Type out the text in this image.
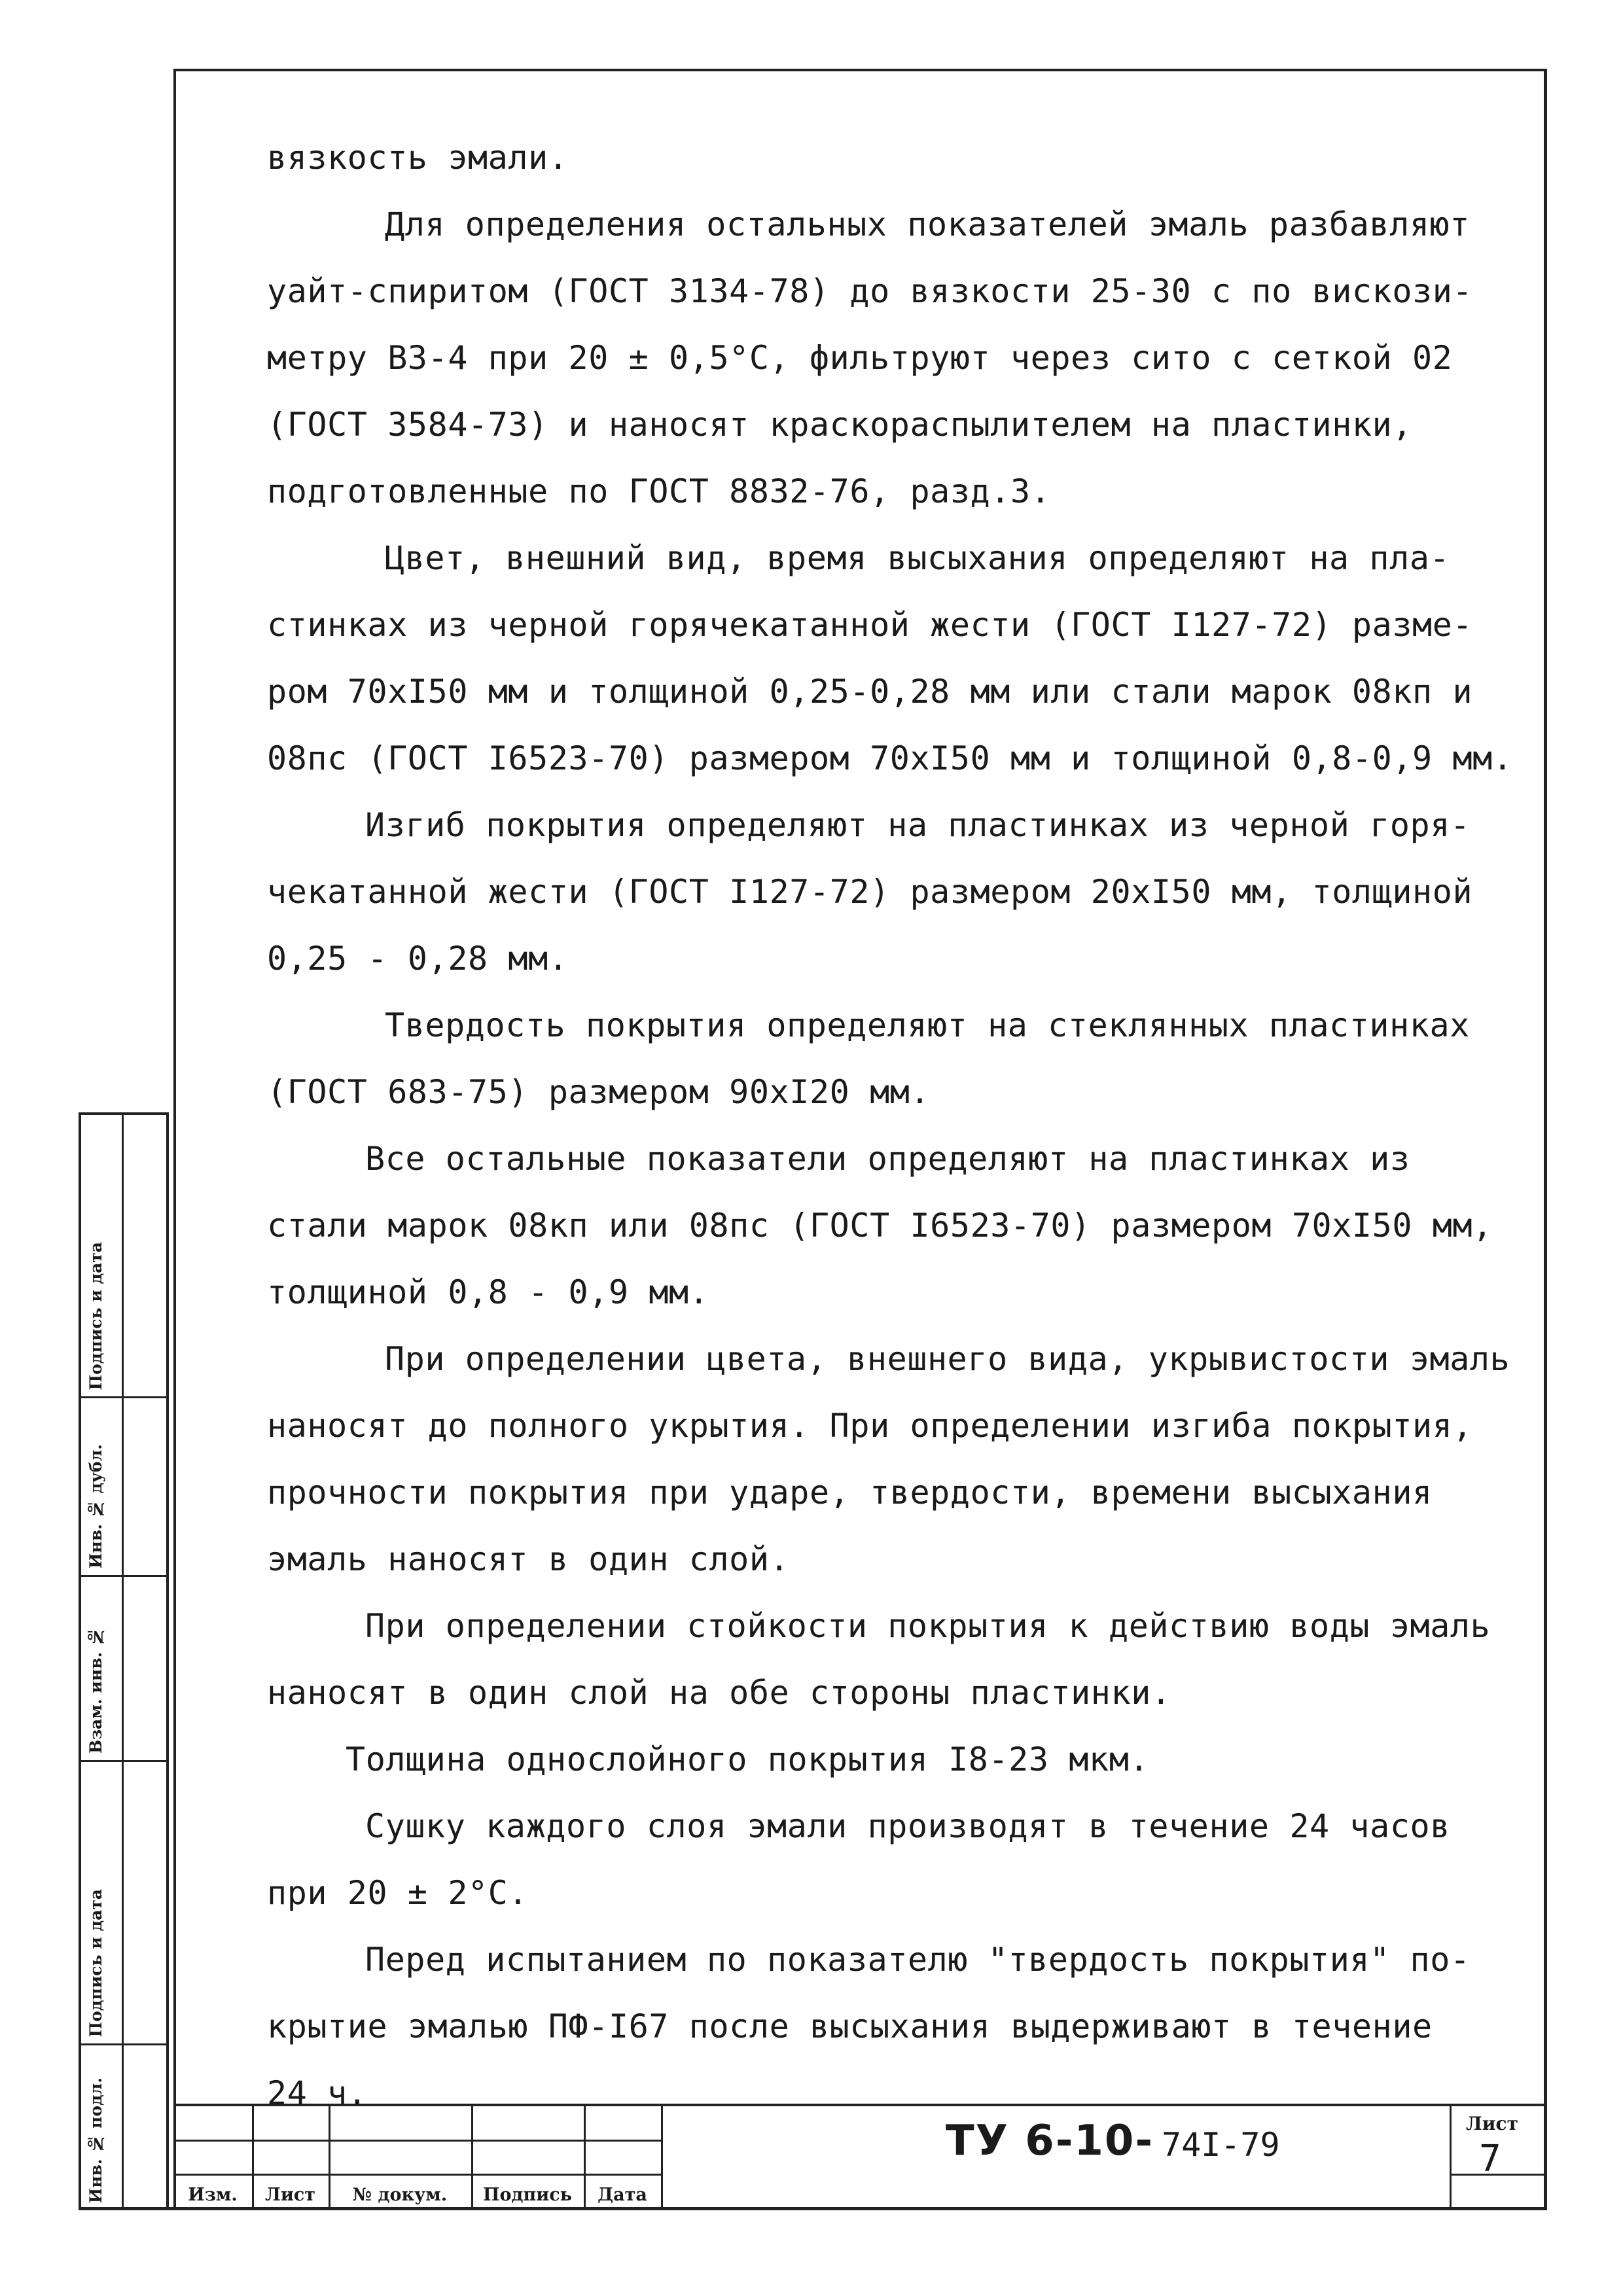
вязкость эмали.
Для определения остальных показателей эмаль разбавляют
уайт-спиритом (ГОСТ 3134-78) до вязкости 25-30 с по вискози-
метру ВЗ-4 при 20 ± 0,5°С, фильтруют через сито с сеткой 02
(ГОСТ 3584-73) и наносят краскораспылителем на пластинки,
подготовленные по ГОСТ 8832-76, разд.3.
Цвет, внешний вид, время высыхания определяют на пла-
стинках из черной горячекатанной жести (ГОСТ I127-72) разме-
ром 70хI50 мм и толщиной 0,25-0,28 мм или стали марок 08кп и
08пс (ГОСТ I6523-70) размером 70хI50 мм и толщиной 0,8-0,9 мм.
Изгиб покрытия определяют на пластинках из черной горя-
чекатанной жести (ГОСТ I127-72) размером 20хI50 мм, толщиной
0,25 - 0,28 мм.
Твердость покрытия определяют на стеклянных пластинках
(ГОСТ 683-75) размером 90хI20 мм.
Все остальные показатели определяют на пластинках из
стали марок 08кп или 08пс (ГОСТ I6523-70) размером 70хI50 мм,
толщиной 0,8 - 0,9 мм.
При определении цвета, внешнего вида, укрывистости эмаль
наносят до полного укрытия. При определении изгиба покрытия,
прочности покрытия при ударе, твердости, времени высыхания
эмаль наносят в один слой.
При определении стойкости покрытия к действию воды эмаль
наносят в один слой на обе стороны пластинки.
Толщина однослойного покрытия I8-23 мкм.
Сушку каждого слоя эмали производят в течение 24 часов
при 20 ± 2°С.
Перед испытанием по показателю "твердость покрытия" по-
крытие эмалью ПФ-I67 после высыхания выдерживают в течение
24 ч.
Подпись и дата
Инв. № дубл.
Взам. инв. №
Подпись и дата
Инв. № подл.	Изм.	Лист	№ докум.	Подпись	Дата
ТУ 6-10- 74I-79
Лист
7
